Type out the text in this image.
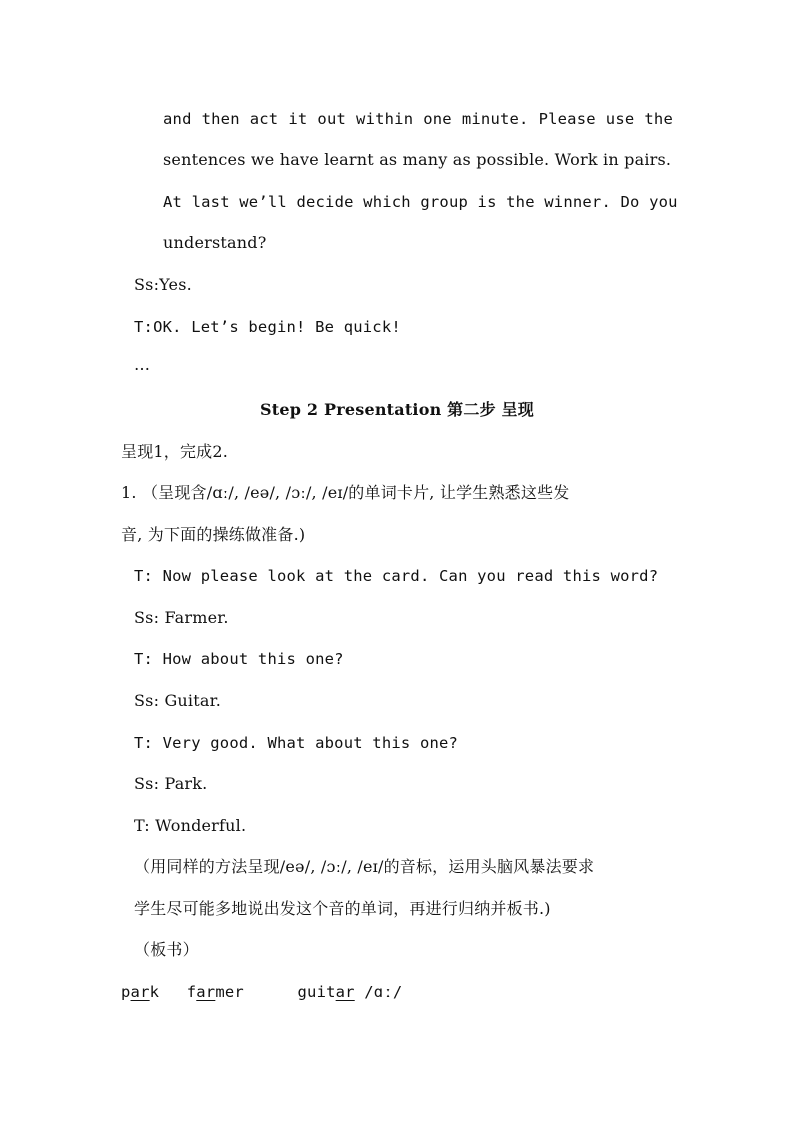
and then act it out within one minute. Please use the
sentences we have learnt as many as possible. Work in pairs.
At last we’ll decide which group is the winner. Do you
understand?
Ss:Yes.
T:OK. Let’s begin! Be quick!
…
Step 2 Presentation 第二步 呈现
呈现1，完成2.
1. （呈现含/ɑː/, /eə/, /ɔː/, /eɪ/的单词卡片, 让学生熟悉这些发
音, 为下面的操练做准备.)
T: Now please look at the card. Can you read this word?
Ss: Farmer.
T: How about this one?
Ss: Guitar.
T: Very good. What about this one?
Ss: Park.
T: Wonderful.
（用同样的方法呈现/eə/, /ɔː/, /eɪ/的音标，运用头脑风暴法要求
学生尽可能多地说出发这个音的单词，再进行归纳并板书.)
（板书）
park farmer	guitar /ɑː/
